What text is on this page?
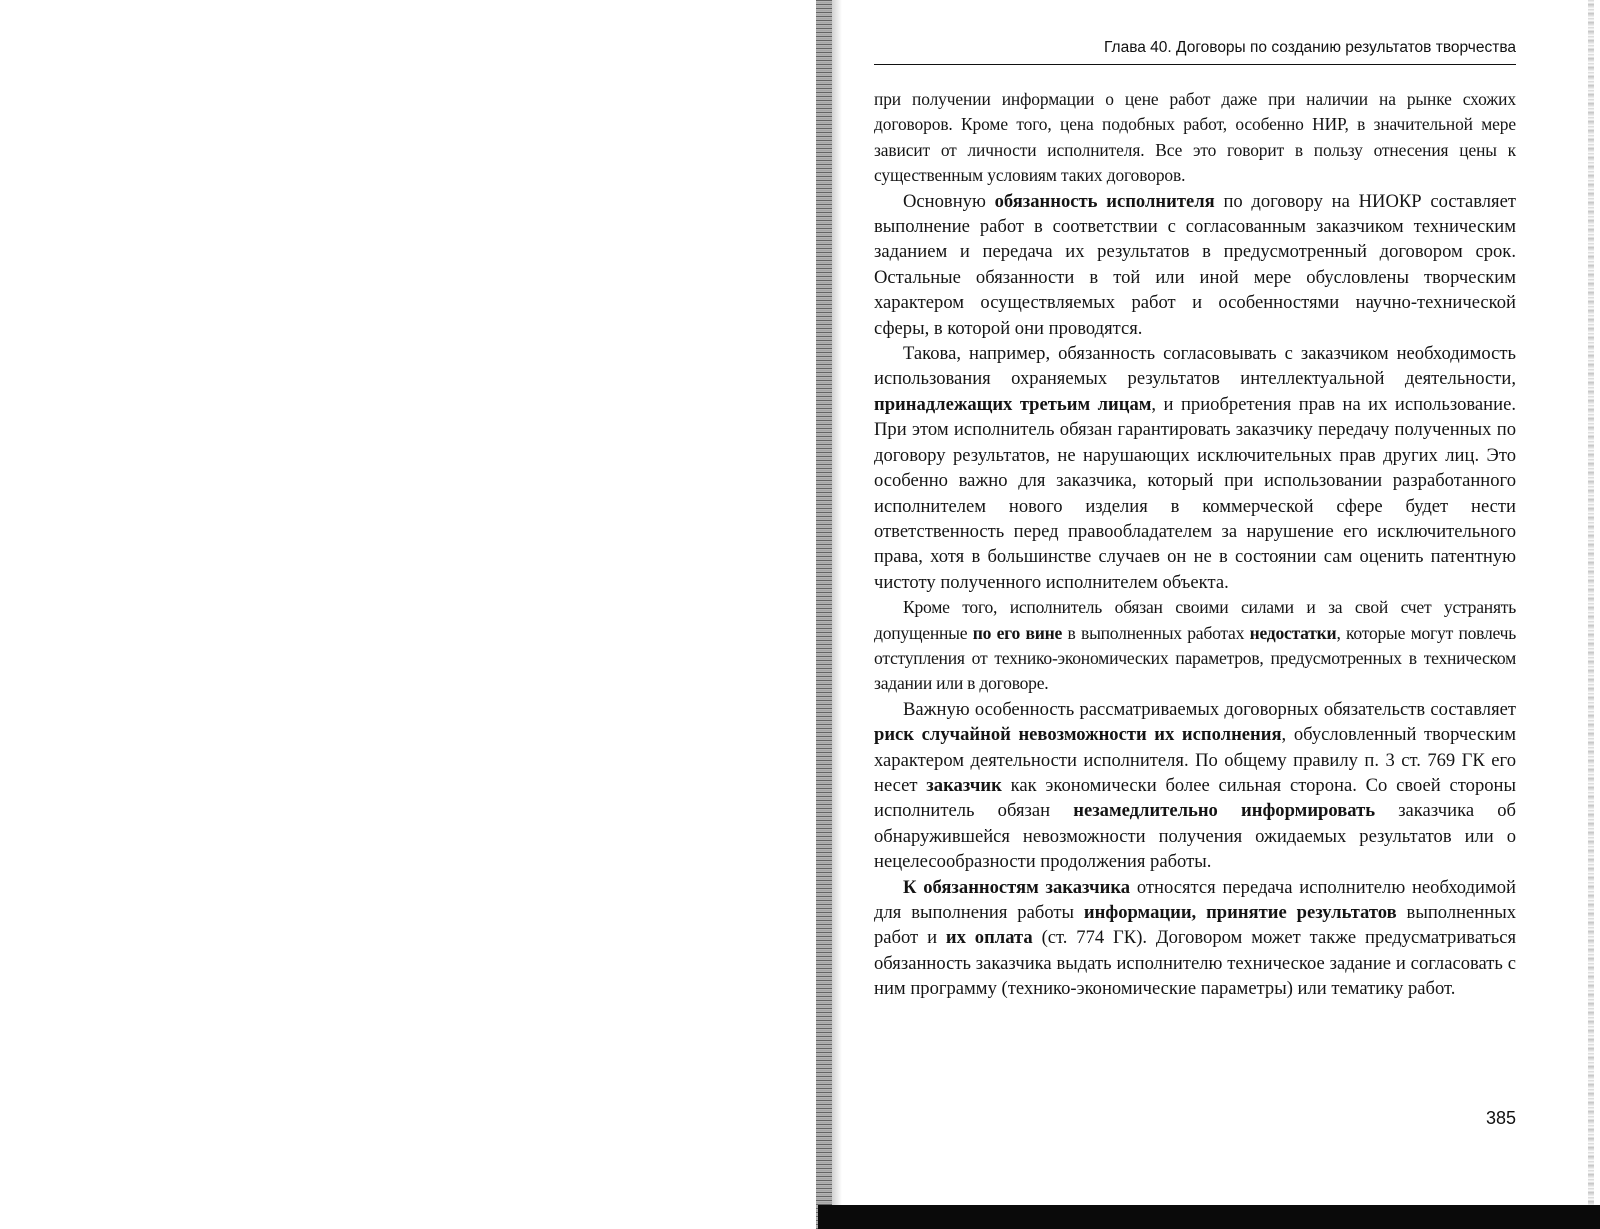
Глава 40. Договоры по созданию результатов творчества

при получении информации о цене работ даже при наличии на рынке схожих договоров. Кроме того, цена подобных работ, особенно НИР, в значительной мере зависит от личности исполнителя. Все это говорит в пользу отнесения цены к существенным условиям таких договоров.

Основную обязанность исполнителя по договору на НИОКР составляет выполнение работ в соответствии с согласованным заказчиком техническим заданием и передача их результатов в предусмотренный договором срок. Остальные обязанности в той или иной мере обусловлены творческим характером осуществляемых работ и особенностями научно-технической сферы, в которой они проводятся.

Такова, например, обязанность согласовывать с заказчиком необходимость использования охраняемых результатов интеллектуальной деятельности, принадлежащих третьим лицам, и приобретения прав на их использование. При этом исполнитель обязан гарантировать заказчику передачу полученных по договору результатов, не нарушающих исключительных прав других лиц. Это особенно важно для заказчика, который при использовании разработанного исполнителем нового изделия в коммерческой сфере будет нести ответственность перед правообладателем за нарушение его исключительного права, хотя в большинстве случаев он не в состоянии сам оценить патентную чистоту полученного исполнителем объекта.

Кроме того, исполнитель обязан своими силами и за свой счет устранять допущенные по его вине в выполненных работах недостатки, которые могут повлечь отступления от технико-экономических параметров, предусмотренных в техническом задании или в договоре.

Важную особенность рассматриваемых договорных обязательств составляет риск случайной невозможности их исполнения, обусловленный творческим характером деятельности исполнителя. По общему правилу п. 3 ст. 769 ГК его несет заказчик как экономически более сильная сторона. Со своей стороны исполнитель обязан незамедлительно информировать заказчика об обнаружившейся невозможности получения ожидаемых результатов или о нецелесообразности продолжения работы.

К обязанностям заказчика относятся передача исполнителю необходимой для выполнения работы информации, принятие результатов выполненных работ и их оплата (ст. 774 ГК). Договором может также предусматриваться обязанность заказчика выдать исполнителю техническое задание и согласовать с ним программу (технико-экономические параметры) или тематику работ.

385
